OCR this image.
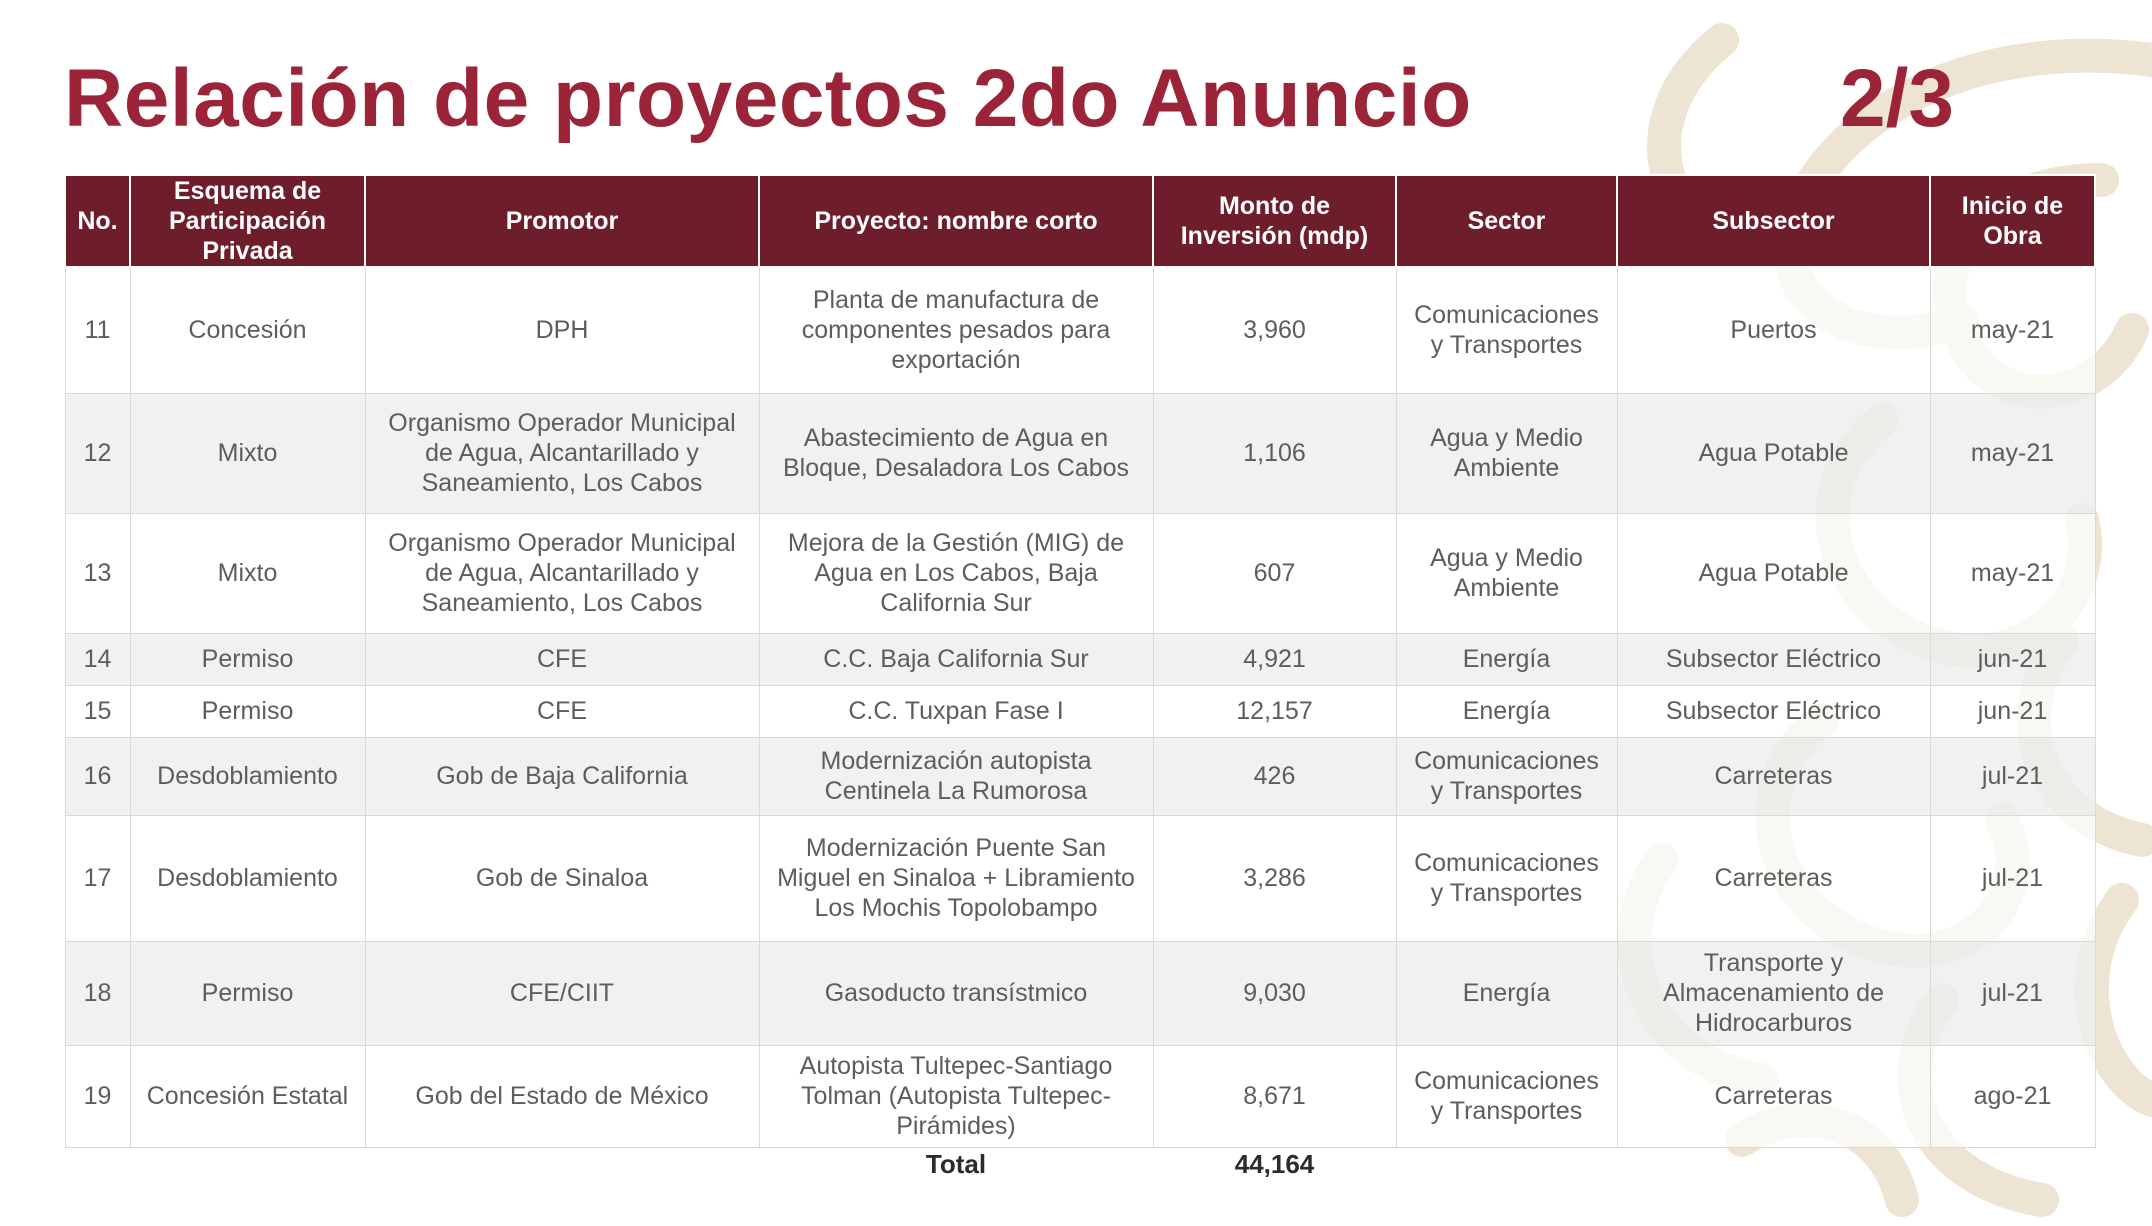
Relación de proyectos 2do Anuncio	2/3
No.	Esquema de Participación Privada	Promotor	Proyecto: nombre corto	Monto de Inversión (mdp)	Sector	Subsector	Inicio de Obra
11	Concesión	DPH	Planta de manufactura de componentes pesados para exportación	3,960	Comunicaciones y Transportes	Puertos	may-21
12	Mixto	Organismo Operador Municipal de Agua, Alcantarillado y Saneamiento, Los Cabos	Abastecimiento de Agua en Bloque, Desaladora Los Cabos	1,106	Agua y Medio Ambiente	Agua Potable	may-21
13	Mixto	Organismo Operador Municipal de Agua, Alcantarillado y Saneamiento, Los Cabos	Mejora de la Gestión (MIG) de Agua en Los Cabos, Baja California Sur	607	Agua y Medio Ambiente	Agua Potable	may-21
14	Permiso	CFE	C.C. Baja California Sur	4,921	Energía	Subsector Eléctrico	jun-21
15	Permiso	CFE	C.C. Tuxpan Fase I	12,157	Energía	Subsector Eléctrico	jun-21
16	Desdoblamiento	Gob de Baja California	Modernización autopista Centinela La Rumorosa	426	Comunicaciones y Transportes	Carreteras	jul-21
17	Desdoblamiento	Gob de Sinaloa	Modernización Puente San Miguel en Sinaloa + Libramiento Los Mochis Topolobampo	3,286	Comunicaciones y Transportes	Carreteras	jul-21
18	Permiso	CFE/CIIT	Gasoducto transístmico	9,030	Energía	Transporte y Almacenamiento de Hidrocarburos	jul-21
19	Concesión Estatal	Gob del Estado de México	Autopista Tultepec-Santiago Tolman (Autopista Tultepec-Pirámides)	8,671	Comunicaciones y Transportes	Carreteras	ago-21
			Total	44,164			
